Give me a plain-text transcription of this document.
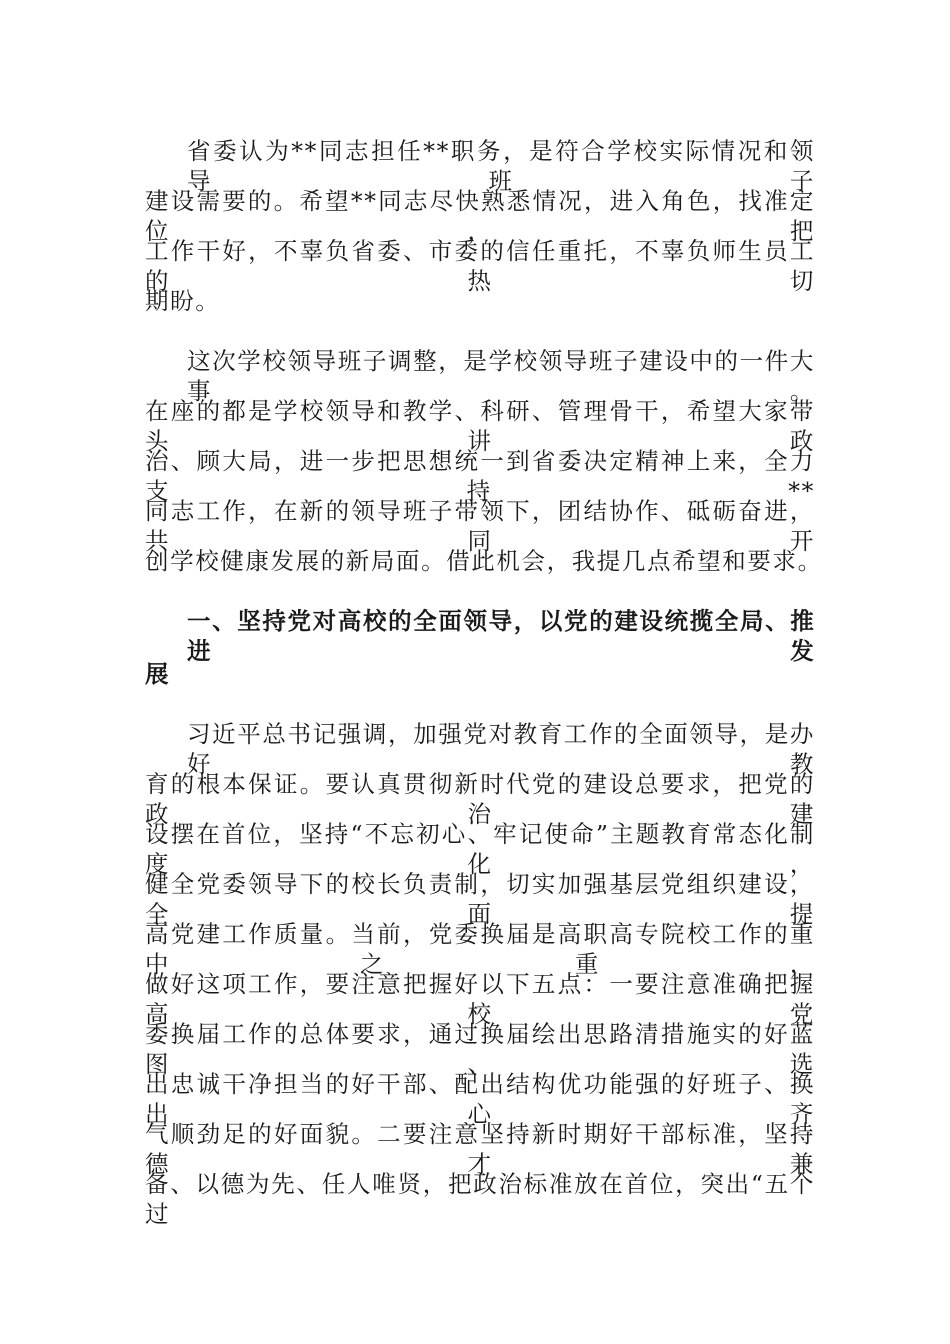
省委认为**同志担任**职务，是符合学校实际情况和领导班子
建设需要的。希望**同志尽快熟悉情况，进入角色，找准定位，把
工作干好，不辜负省委、市委的信任重托，不辜负师生员工的热切
期盼。
这次学校领导班子调整，是学校领导班子建设中的一件大事。
在座的都是学校领导和教学、科研、管理骨干，希望大家带头讲政
治、顾大局，进一步把思想统一到省委决定精神上来，全力支持**
同志工作，在新的领导班子带领下，团结协作、砥砺奋进，共同开
创学校健康发展的新局面。借此机会，我提几点希望和要求。
一、坚持党对高校的全面领导，以党的建设统揽全局、推进发
展
习近平总书记强调，加强党对教育工作的全面领导，是办好教
育的根本保证。要认真贯彻新时代党的建设总要求，把党的政治建
设摆在首位，坚持“不忘初心、牢记使命”主题教育常态化制度化，
健全党委领导下的校长负责制，切实加强基层党组织建设，全面提
高党建工作质量。当前，党委换届是高职高专院校工作的重中之重，
做好这项工作，要注意把握好以下五点：一要注意准确把握高校党
委换届工作的总体要求，通过换届绘出思路清措施实的好蓝图、选
出忠诚干净担当的好干部、配出结构优功能强的好班子、换出心齐
气顺劲足的好面貌。二要注意坚持新时期好干部标准，坚持德才兼
备、以德为先、任人唯贤，把政治标准放在首位，突出“五个过
